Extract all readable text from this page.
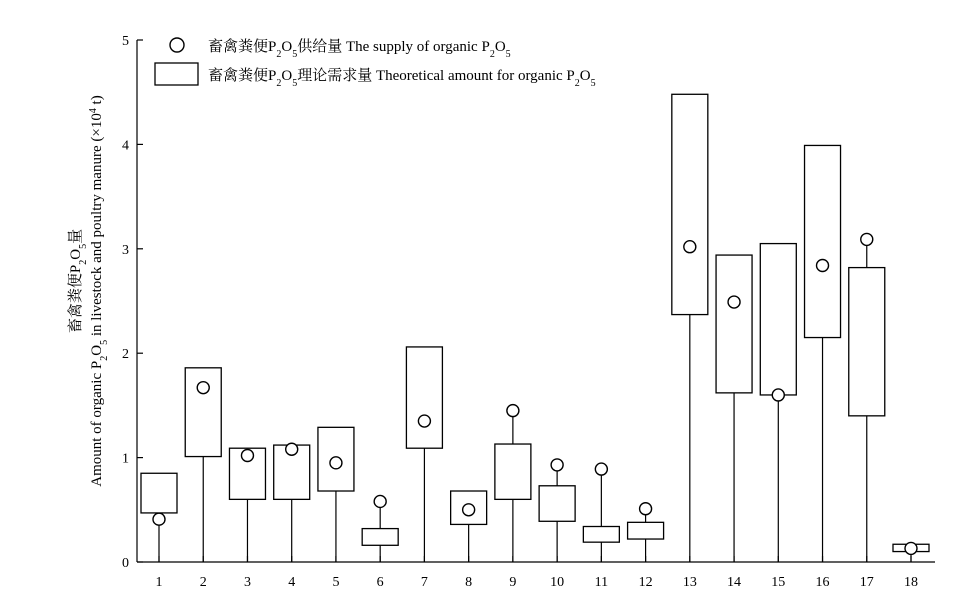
0
1
2
3
4
5
1	2	3	4	5	6	7	8	9 10 11 12 13 14 15 16 17 18
畜禽粪便$P_2O_5$供给量 The supply of organic $P_2O_5$
畜禽粪便$P_2O_5$理论需求量 Theoretical amount for organic $P_2O_5$
畜禽粪便$P_2O_5$量
Amount of organic $P_2O_5$ in livestock and poultry manure ($\times 10^4$ t)
